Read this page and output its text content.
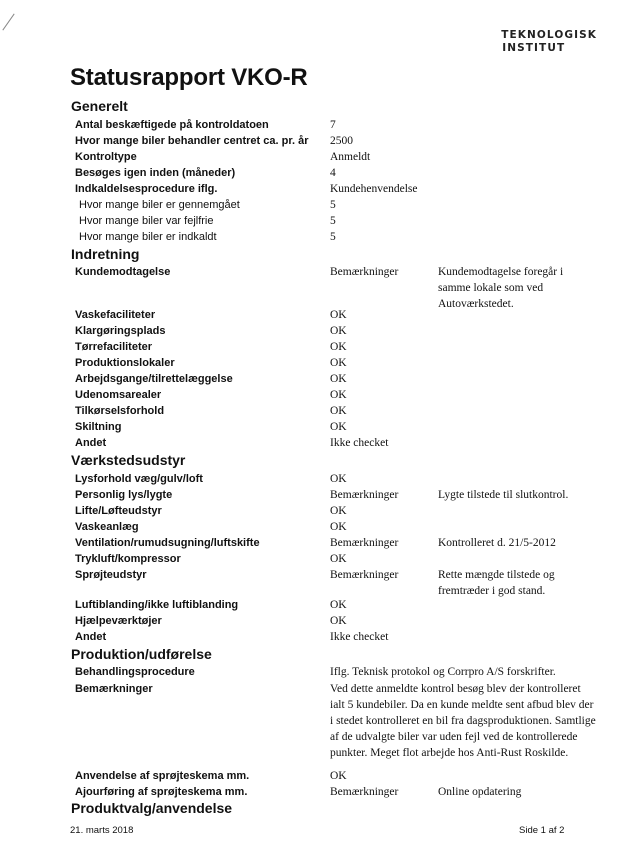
TEKNOLOGISK
INSTITUT
Statusrapport VKO-R
Generelt
Antal beskæftigede på kontroldatoen	7
Hvor mange biler behandler centret ca. pr. år 2500
Kontroltype	Anmeldt
Besøges igen inden (måneder)	4
Indkaldelsesprocedure iflg.	Kundehenvendelse
Hvor mange biler er gennemgået	5
Hvor mange biler var fejlfrie	5
Hvor mange biler er indkaldt	5
Indretning
Kundemodtagelse	Bemærkninger	Kundemodtagelse foregår i samme lokale som ved Autoværkstedet.
Vaskefaciliteter	OK
Klargøringsplads	OK
Tørrefaciliteter	OK
Produktionslokaler	OK
Arbejdsgange/tilrettelæggelse	OK
Udenomsarealer	OK
Tilkørselsforhold	OK
Skiltning	OK
Andet	Ikke checket
Værkstedsudstyr
Lysforhold væg/gulv/loft	OK
Personlig lys/lygte	Bemærkninger	Lygte tilstede til slutkontrol.
Lifte/Løfteudstyr	OK
Vaskeanlæg	OK
Ventilation/rumudsugning/luftskifte	Bemærkninger	Kontrolleret d. 21/5-2012
Trykluft/kompressor	OK
Sprøjteudstyr	Bemærkninger	Rette mængde tilstede og fremtræder i god stand.
Luftiblanding/ikke luftiblanding	OK
Hjælpeværktøjer	OK
Andet	Ikke checket
Produktion/udførelse
Behandlingsprocedure	Iflg. Teknisk protokol og Corrpro A/S forskrifter.
Bemærkninger	Ved dette anmeldte kontrol besøg blev der kontrolleret ialt 5 kundebiler. Da en kunde meldte sent afbud blev der i stedet kontrolleret en bil fra dagsproduktionen. Samtlige af de udvalgte biler var uden fejl ved de kontrollerede punkter. Meget flot arbejde hos Anti-Rust Roskilde.
Anvendelse af sprøjteskema mm.	OK
Ajourføring af sprøjteskema mm.	Bemærkninger	Online opdatering
Produktvalg/anvendelse
21. marts 2018	Side 1 af 2
